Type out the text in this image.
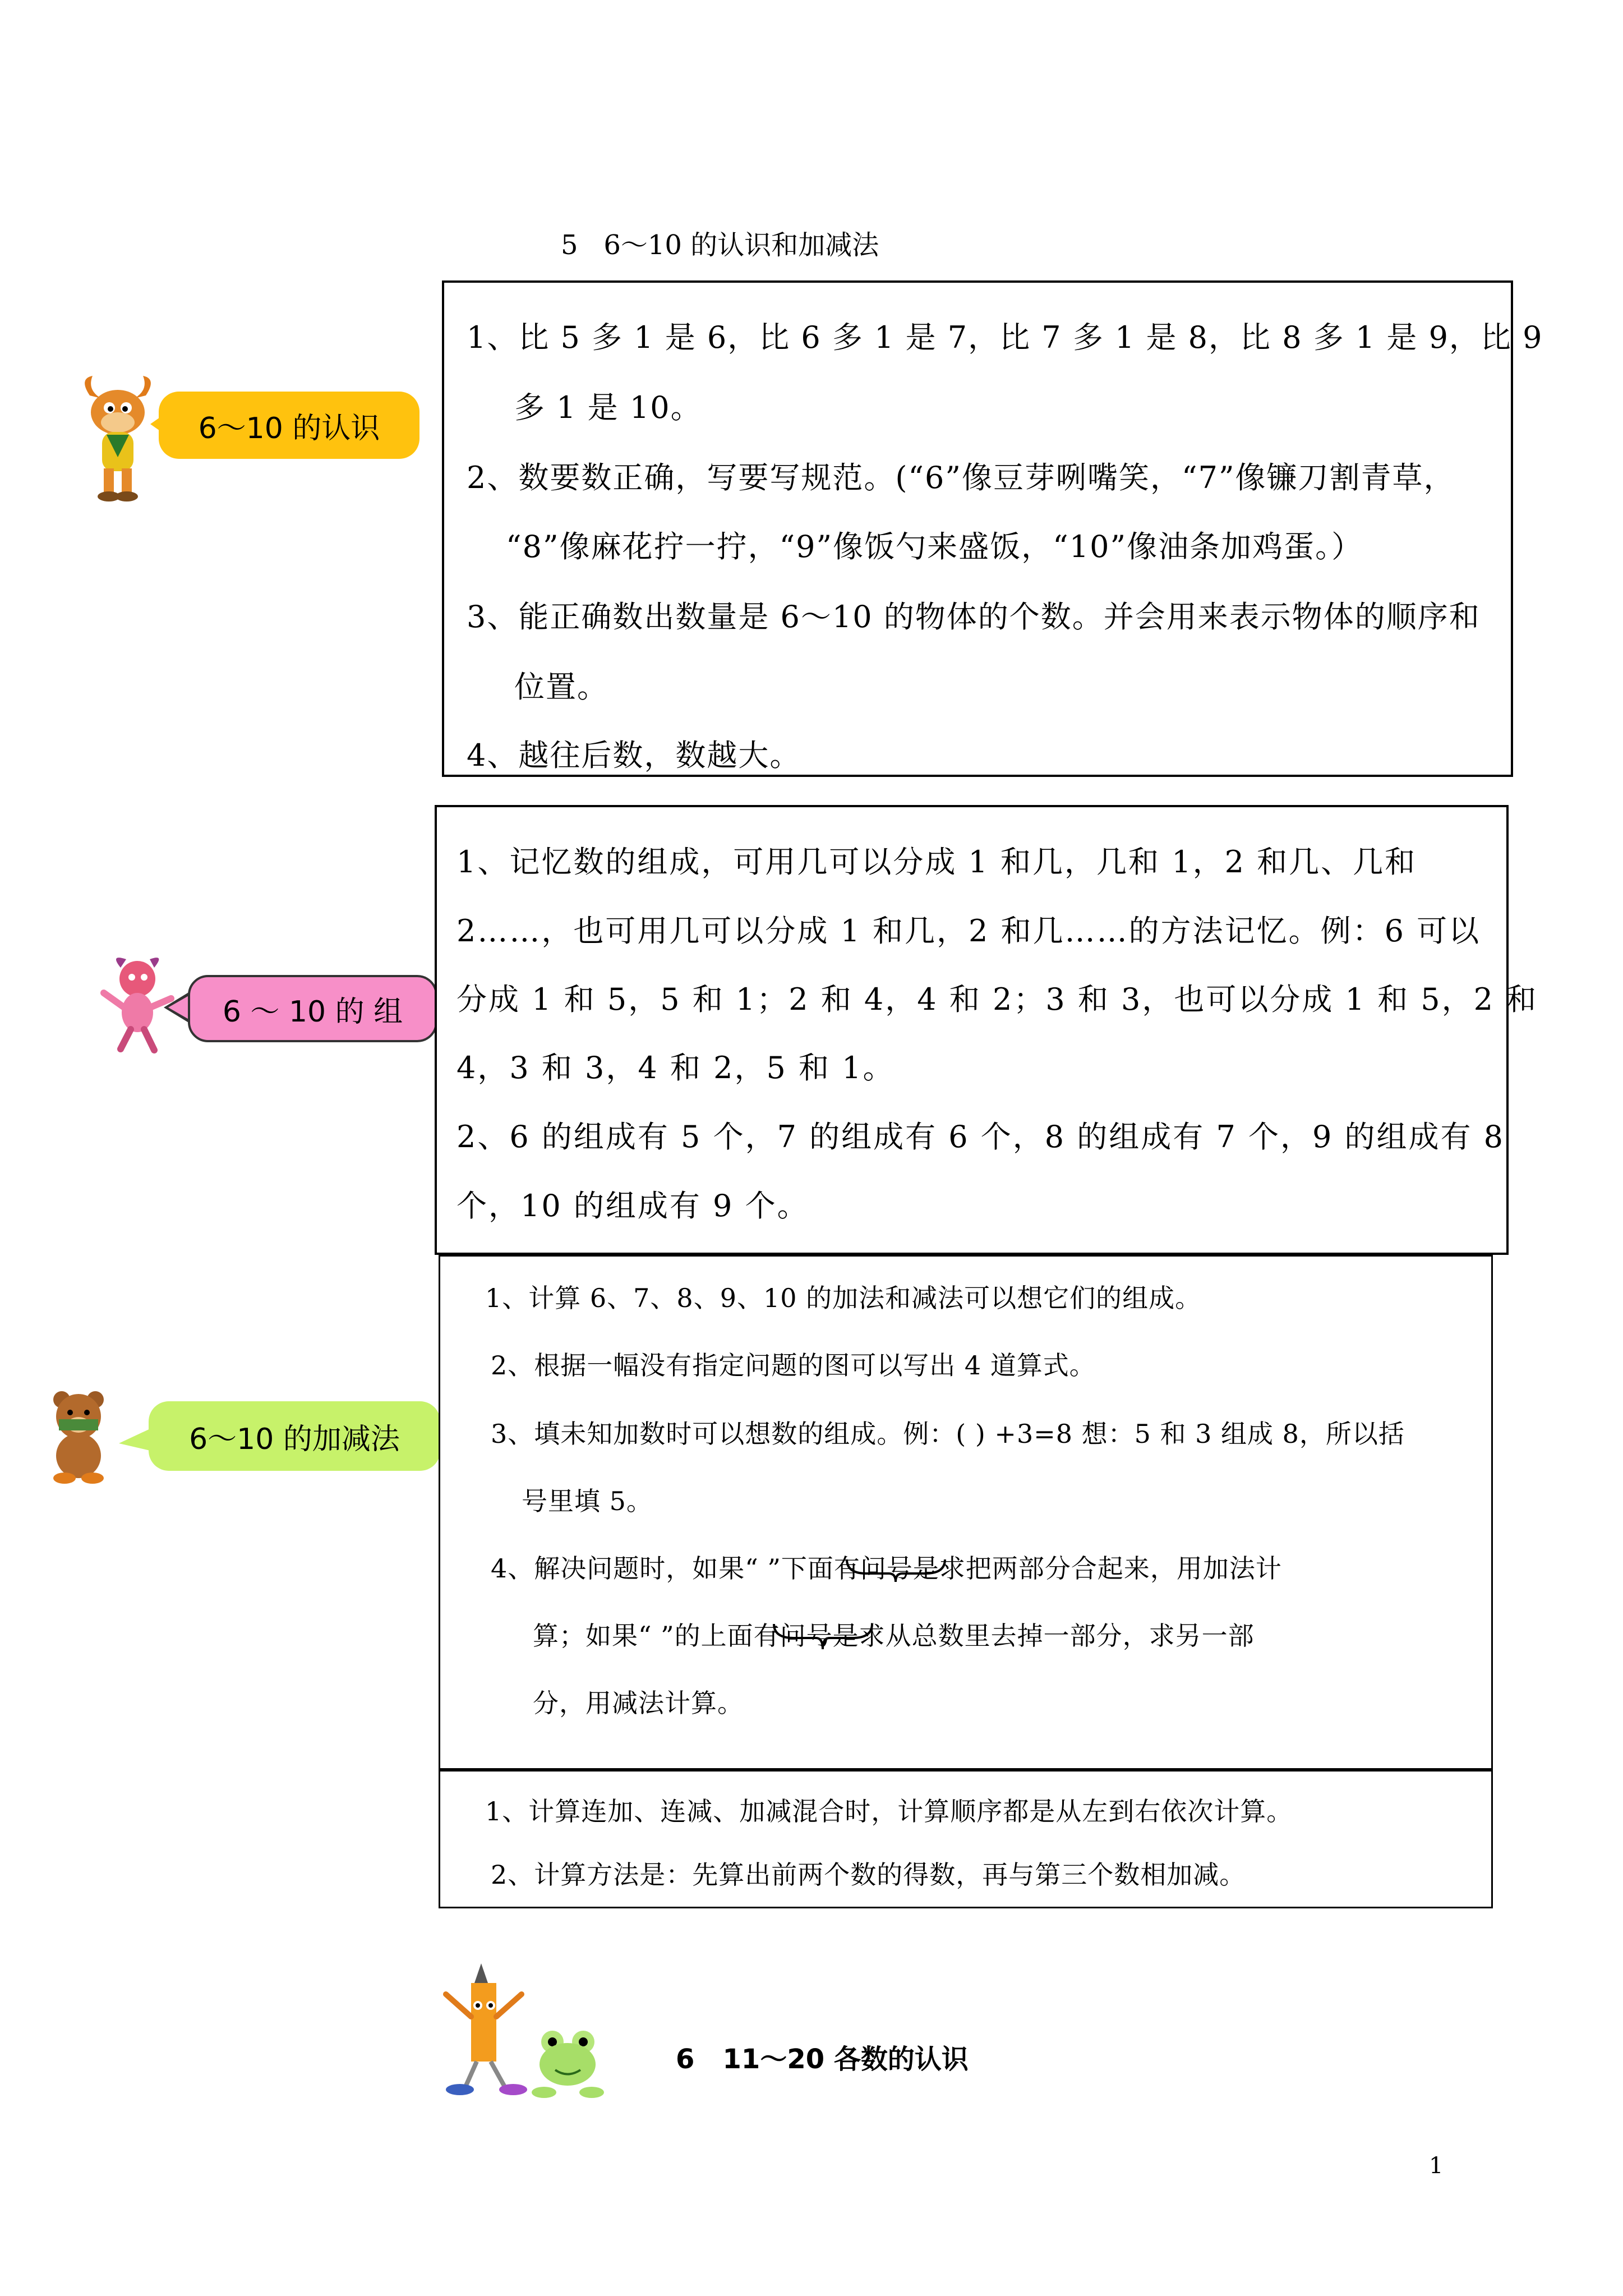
5   6～10 的认识和加减法
6～10 的认识
1、比 5 多 1 是 6，比 6 多 1 是 7，比 7 多 1 是 8，比 8 多 1 是 9，比 9
多 1 是 10。
2、数要数正确，写要写规范。(“6”像豆芽咧嘴笑，“7”像镰刀割青草，
“8”像麻花拧一拧，“9”像饭勺来盛饭，“10”像油条加鸡蛋。）
3、能正确数出数量是 6～10 的物体的个数。并会用来表示物体的顺序和
位置。
4、越往后数，数越大。
6 ～ 10 的 组
1、记忆数的组成，可用几可以分成 1 和几，几和 1，2 和几、几和
2……，也可用几可以分成 1 和几，2 和几……的方法记忆。例：6 可以
分成 1 和 5，5 和 1；2 和 4，4 和 2；3 和 3，也可以分成 1 和 5，2 和
4，3 和 3，4 和 2，5 和 1。
2、6 的组成有 5 个，7 的组成有 6 个，8 的组成有 7 个，9 的组成有 8
个，10 的组成有 9 个。
6～10 的加减法
1、计算 6、7、8、9、10 的加法和减法可以想它们的组成。
2、根据一幅没有指定问题的图可以写出 4 道算式。
3、填未知加数时可以想数的组成。例：( ) +3=8 想：5 和 3 组成 8，所以括
号里填 5。
4、解决问题时，如果“ ”下面有问号是求把两部分合起来，用加法计
算；如果“ ”的上面有问号是求从总数里去掉一部分，求另一部
分，用减法计算。
1、计算连加、连减、加减混合时，计算顺序都是从左到右依次计算。
2、计算方法是：先算出前两个数的得数，再与第三个数相加减。
6   11～20 各数的认识
1
